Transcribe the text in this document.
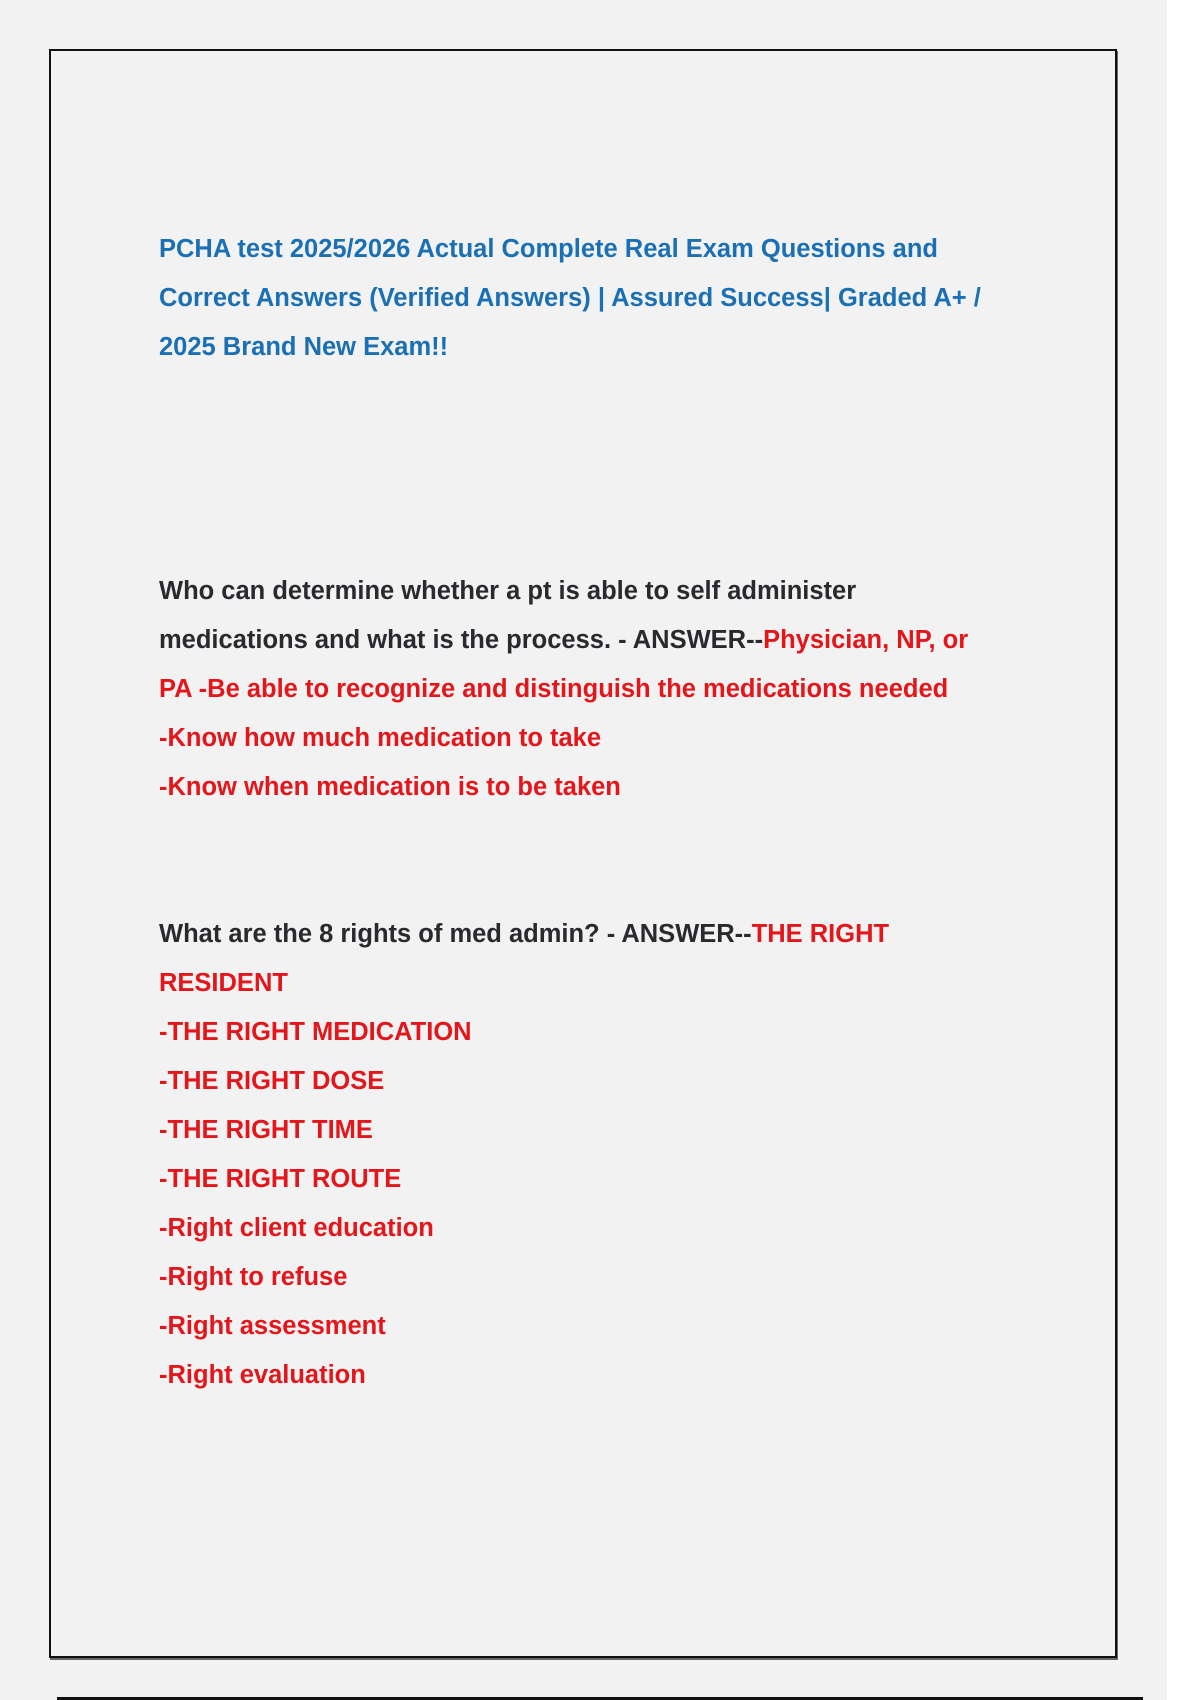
PCHA test 2025/2026 Actual Complete Real Exam Questions and Correct Answers (Verified Answers) | Assured Success| Graded A+ / 2025 Brand New Exam!!
Who can determine whether a pt is able to self administer medications and what is the process. - ANSWER--Physician, NP, or PA -Be able to recognize and distinguish the medications needed
-Know how much medication to take
-Know when medication is to be taken
What are the 8 rights of med admin? - ANSWER--THE RIGHT RESIDENT
-THE RIGHT MEDICATION
-THE RIGHT DOSE
-THE RIGHT TIME
-THE RIGHT ROUTE
-Right client education
-Right to refuse
-Right assessment
-Right evaluation
